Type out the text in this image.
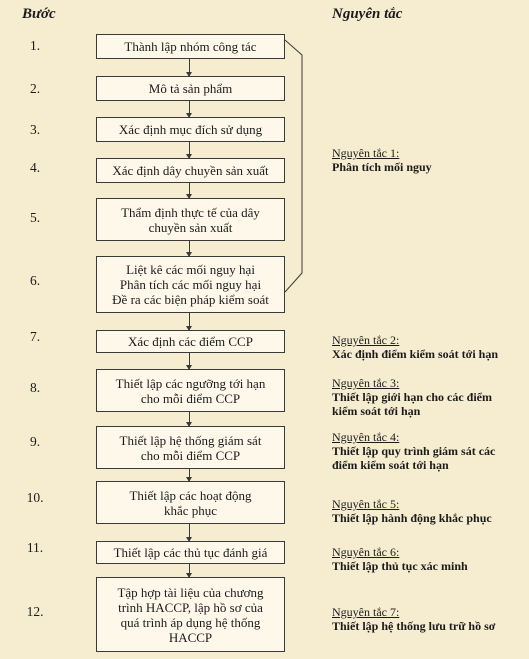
Bước	Nguyên tắc
1.
2.
3.
4.
5.
6.
7.
8.
9.
10.
11.
12.
Thành lập nhóm công tác
Mô tả sản phẩm
Xác định mục đích sử dụng
Xác định dây chuyền sản xuất
Thẩm định thực tế của dây
chuyền sản xuất
Liệt kê các mối nguy hại
Phân tích các mối nguy hại
Đề ra các biện pháp kiểm soát
Xác định các điểm CCP
Thiết lập các ngưỡng tới hạn
cho mỗi điểm CCP
Thiết lập hệ thống giám sát
cho mỗi điểm CCP
Thiết lập các hoạt động
khắc phục
Thiết lập các thủ tục đánh giá
Tập hợp tài liệu của chương
trình HACCP, lập hồ sơ của
quá trình áp dụng hệ thống
HACCP
Nguyên tắc 1:
Phân tích mối nguy
Nguyên tắc 2:
Xác định điểm kiểm soát tới hạn
Nguyên tắc 3:
Thiết lập giới hạn cho các điểm
kiểm soát tới hạn
Nguyên tắc 4:
Thiết lập quy trình giám sát các
điểm kiểm soát tới hạn
Nguyên tắc 5:
Thiết lập hành động khắc phục
Nguyên tắc 6:
Thiết lập thủ tục xác minh
Nguyên tắc 7:
Thiết lập hệ thống lưu trữ hồ sơ
